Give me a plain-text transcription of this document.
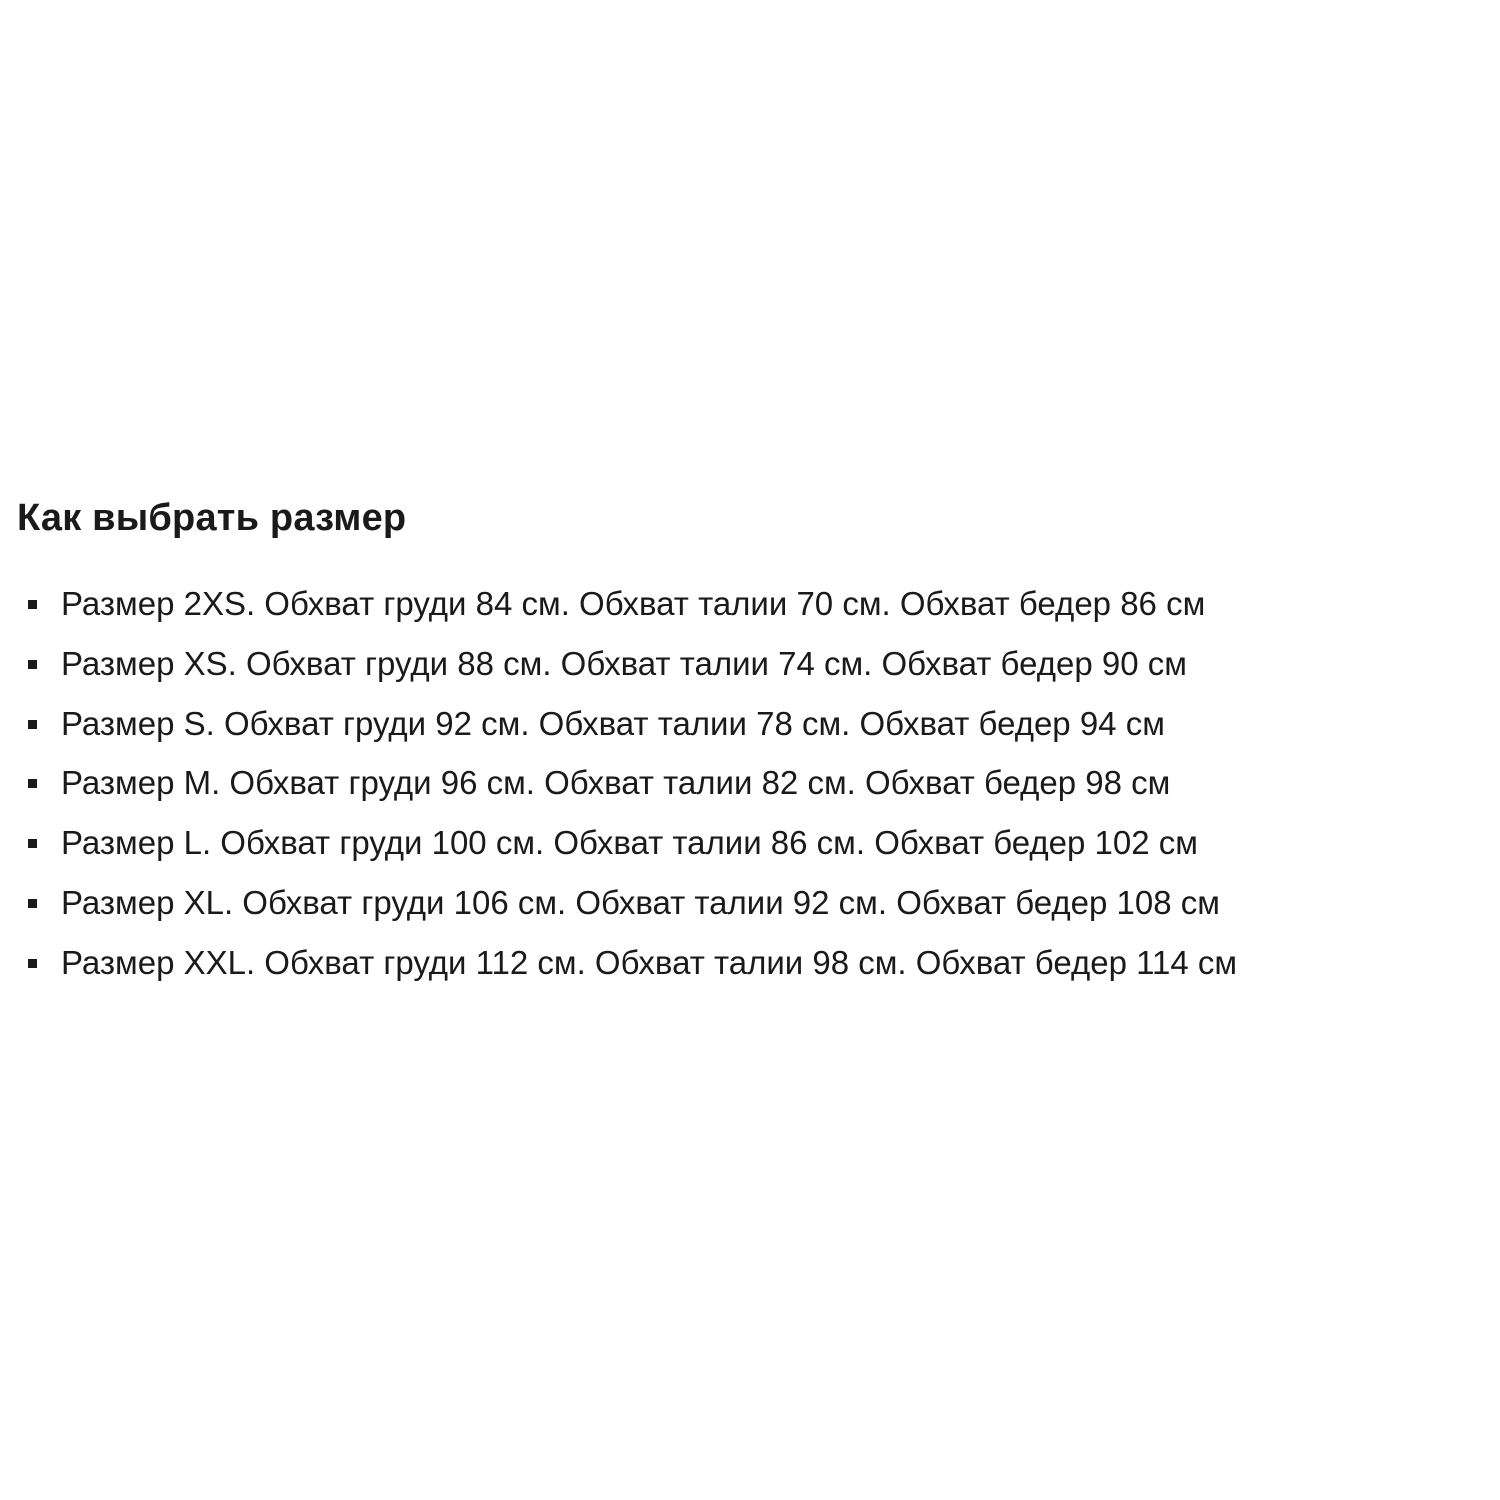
Как выбрать размер
Размер 2XS. Обхват груди 84 см. Обхват талии 70 см. Обхват бедер 86 см
Размер XS. Обхват груди 88 см. Обхват талии 74 см. Обхват бедер 90 см
Размер S. Обхват груди 92 см. Обхват талии 78 см. Обхват бедер 94 см
Размер M. Обхват груди 96 см. Обхват талии 82 см. Обхват бедер 98 см
Размер L. Обхват груди 100 см. Обхват талии 86 см. Обхват бедер 102 см
Размер XL. Обхват груди 106 см. Обхват талии 92 см. Обхват бедер 108 см
Размер XXL. Обхват груди 112 см. Обхват талии 98 см. Обхват бедер 114 см
